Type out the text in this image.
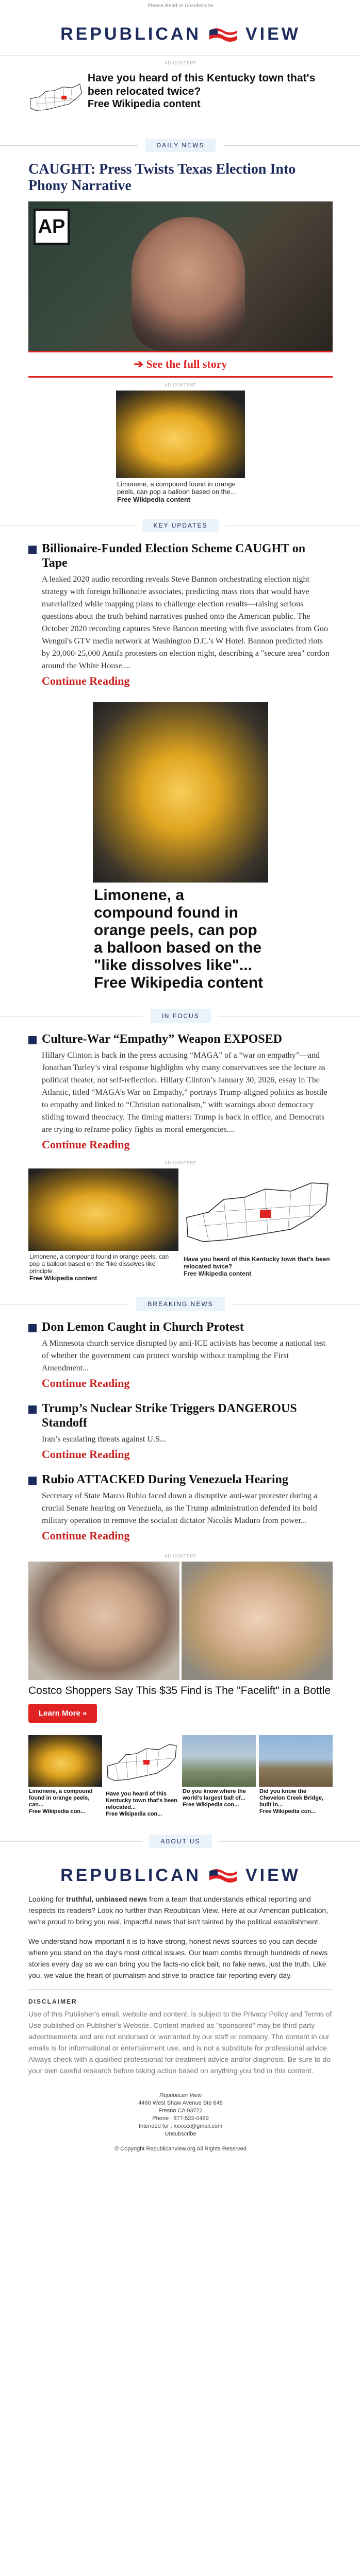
Please Read or Unsubscribe
REPUBLICAN	VIEW
AD CONTENT
Have you heard of this Kentucky town that's been relocated twice?
Free Wikipedia content
DAILY NEWS
CAUGHT: Press Twists Texas Election Into Phony Narrative
AP
➔ See the full story
AD CONTENT
Limonene, a compound found in orange peels, can pop a balloon based on the...
Free Wikipedia content
KEY UPDATES
Billionaire-Funded Election Scheme CAUGHT on Tape
A leaked 2020 audio recording reveals Steve Bannon orchestrating election night strategy with foreign billionaire associates, predicting mass riots that would have materialized while mapping plans to challenge election results—raising serious questions about the truth behind narratives pushed onto the American public. The October 2020 recording captures Steve Bannon meeting with five associates from Guo Wengui's GTV media network at Washington D.C.'s W Hotel. Bannon predicted riots by 20,000-25,000 Antifa protesters on election night, describing a "secure area" cordon around the White House....
Continue Reading
Limonene, a compound found in orange peels, can pop a balloon based on the "like dissolves like"...
Free Wikipedia content
IN FOCUS
Culture-War “Empathy” Weapon EXPOSED
Hillary Clinton is back in the press accusing “MAGA” of a “war on empathy”—and Jonathan Turley’s viral response highlights why many conservatives see the lecture as political theater, not self-reflection. Hillary Clinton’s January 30, 2026, essay in The Atlantic, titled “MAGA’s War on Empathy,” portrays Trump-aligned politics as hostile to empathy and linked to “Christian nationalism,” with warnings about democracy sliding toward theocracy. The timing matters: Trump is back in office, and Democrats are trying to reframe policy fights as moral emergencies....
Continue Reading
AD CONTENT
Limonene, a compound found in orange peels, can pop a balloon based on the "like dissolves like" principle
Free Wikipedia content
Have you heard of this Kentucky town that's been relocated twice?
Free Wikipedia content
BREAKING NEWS
Don Lemon Caught in Church Protest
A Minnesota church service disrupted by anti-ICE activists has become a national test of whether the government can protect worship without trampling the First Amendment...
Continue Reading
Trump’s Nuclear Strike Triggers DANGEROUS Standoff
Iran’s escalating threats against U.S...
Continue Reading
Rubio ATTACKED During Venezuela Hearing
Secretary of State Marco Rubio faced down a disruptive anti-war protester during a crucial Senate hearing on Venezuela, as the Trump administration defended its bold military operation to remove the socialist dictator Nicolás Maduro from power...
Continue Reading
AD CONTENT
Costco Shoppers Say This $35 Find is The "Facelift" in a Bottle
Learn More »
Limonene, a compound found in orange peels, can...
Free Wikipedia con...
Have you heard of this Kentucky town that's been relocated...
Free Wikipedia con...
Do you know where the world's largest ball of...
Free Wikipedia con...
Did you know the Chevelon Creek Bridge, built in...
Free Wikipedia con...
ABOUT US
REPUBLICAN	VIEW

Looking for truthful, unbiased news from a team that understands ethical reporting and respects its readers? Look no further than Republican View. Here at our American publication, we're proud to bring you real, impactful news that isn't tainted by the political establishment.

We understand how important it is to have strong, honest news sources so you can decide where you stand on the day's most critical issues. Our team combs through hundreds of news stories every day so we can bring you the facts-no click bait, no fake news, just the truth. Like you, we value the heart of journalism and strive to practice fair reporting every day.

DISCLAIMER
Use of this Publisher's email, website and content, is subject to the Privacy Policy and Terms of Use published on Publisher's Website. Content marked as "sponsored" may be third party advertisements and are not endorsed or warranted by our staff or company. The content in our emails is for informational or entertainment use, and is not a substitute for professional advice. Always check with a qualified professional for treatment advice and/or diagnosis. Be sure to do your own careful research before taking action based on anything you find in this content.
Republican View
4460 West Shaw Avenue Ste 648
Fresno CA 93722
Phone : 877-522-0489
Intended for : xxxxxx@gmail.com
Unsubscribe
© Copyright Republicanview.org All Rights Reserved
